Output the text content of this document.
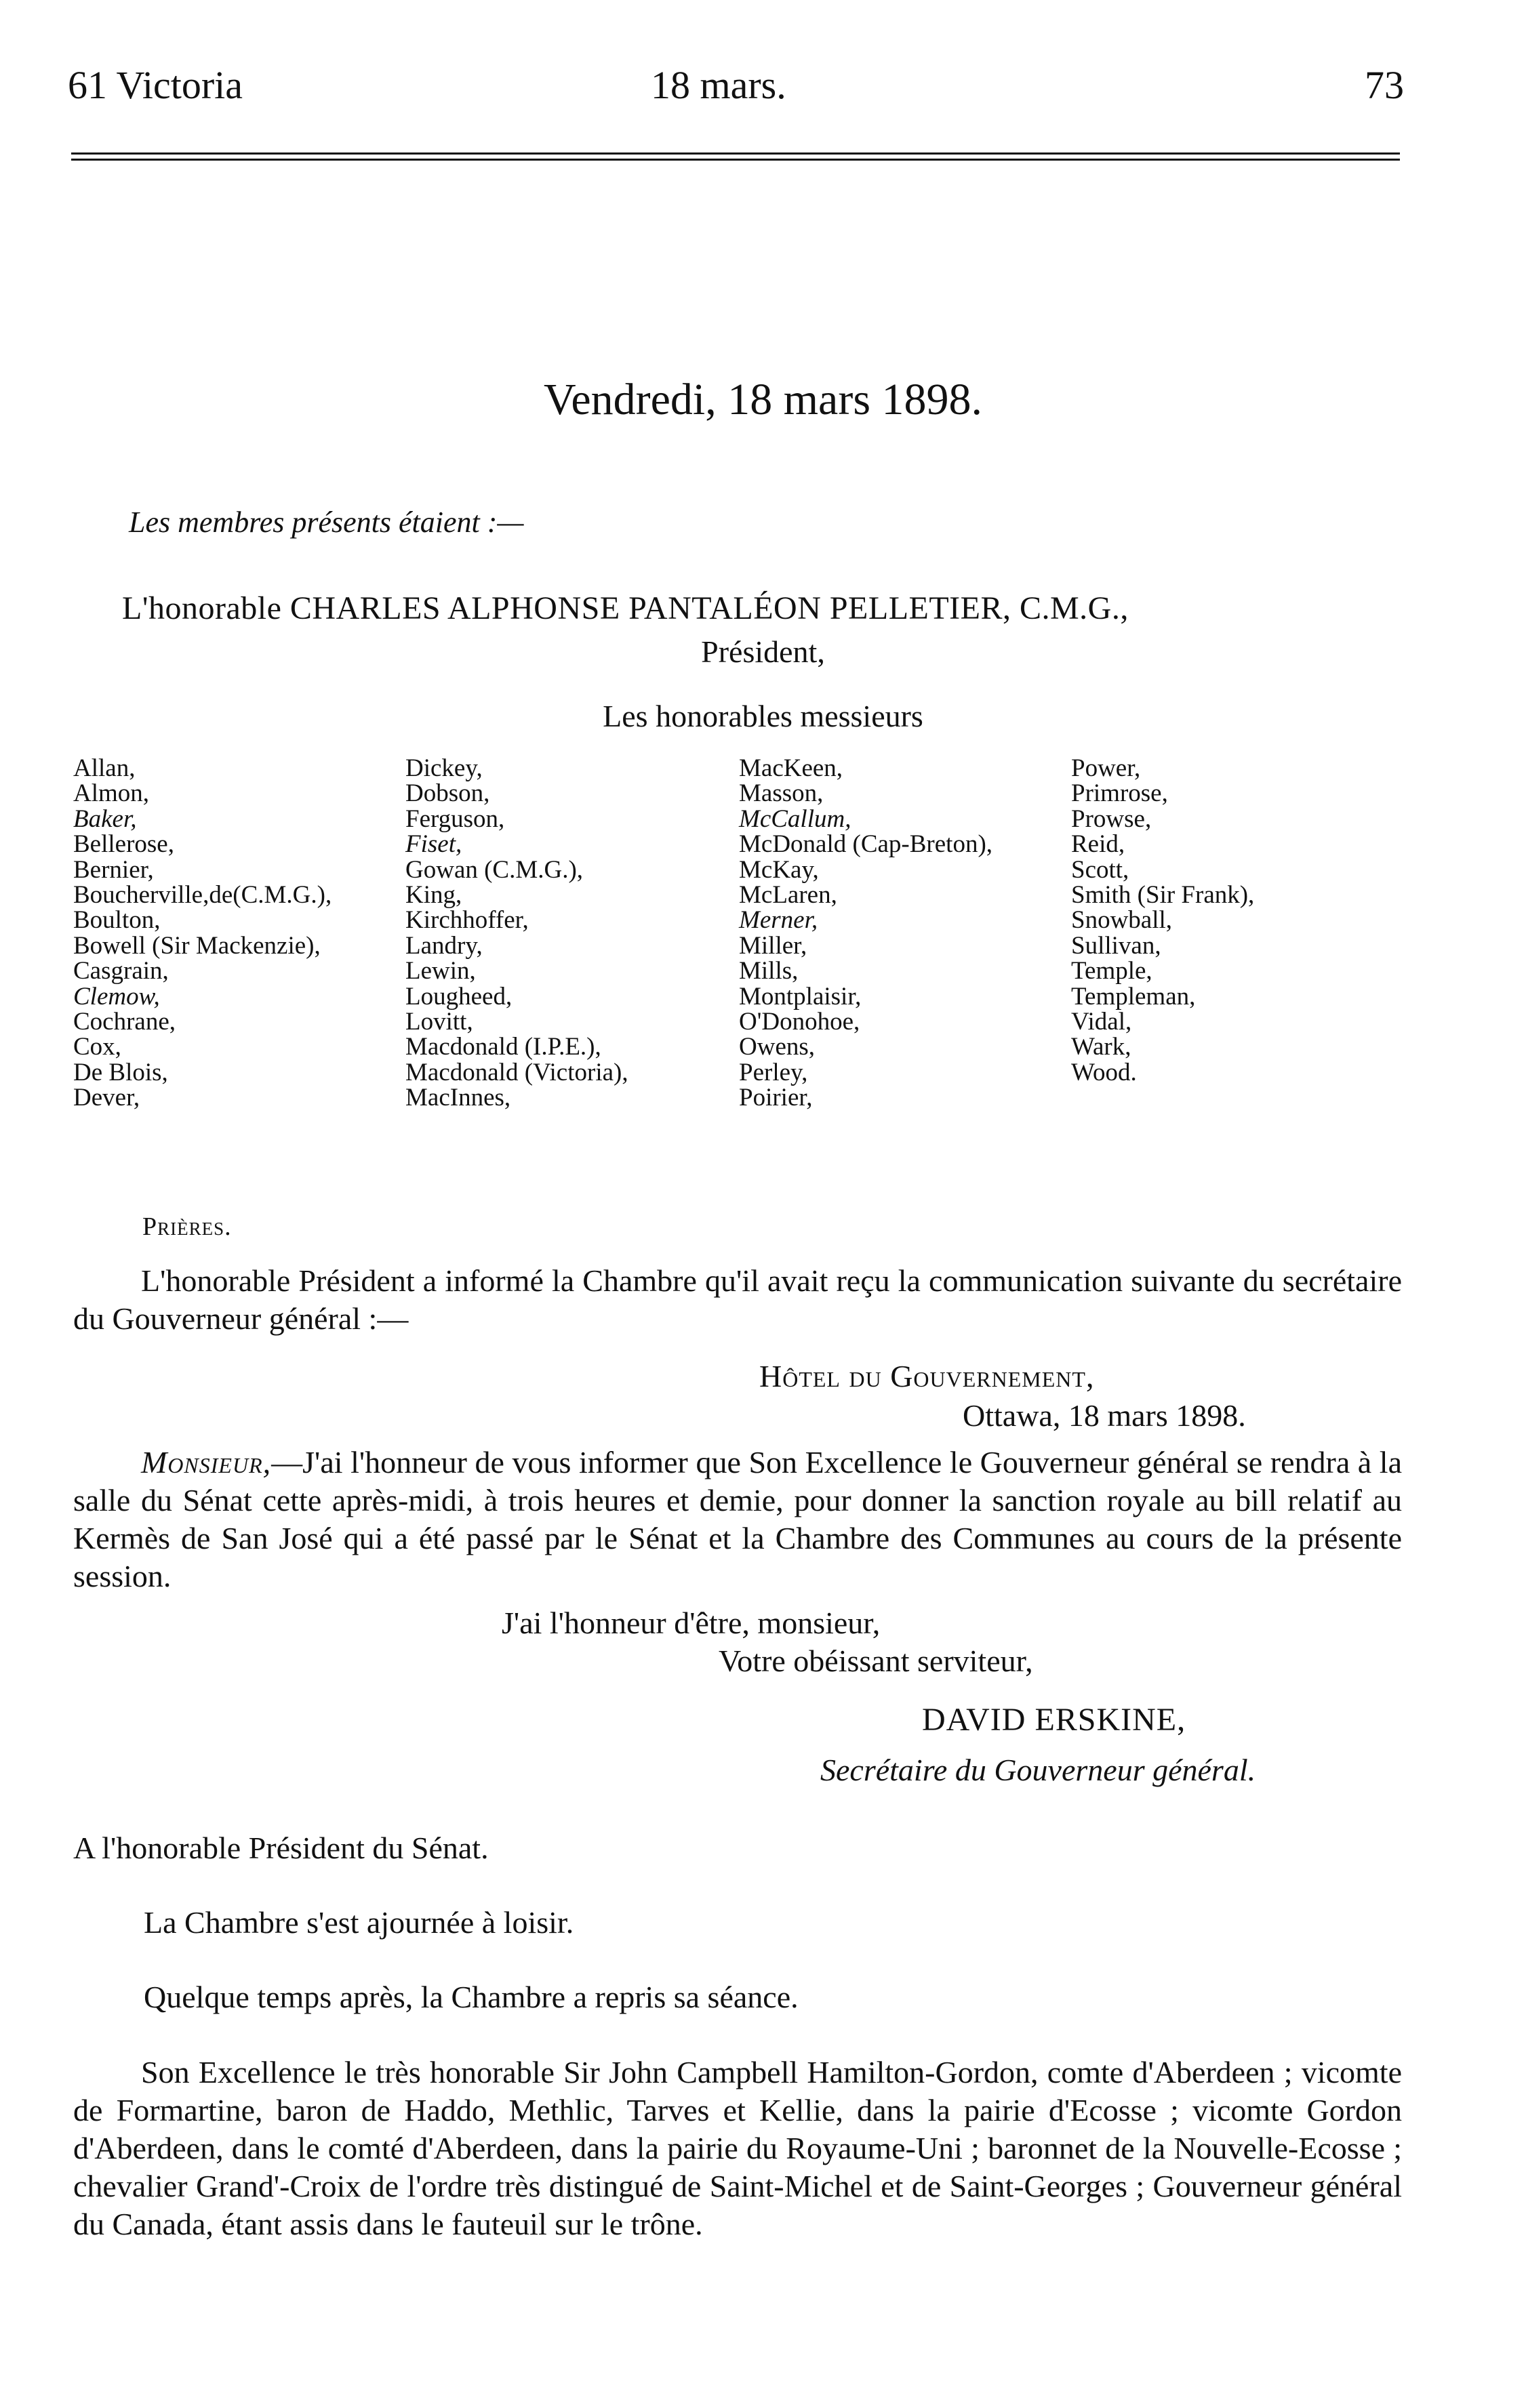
61 Victoria	18 mars.	73
Vendredi, 18 mars 1898.
Les membres présents étaient :—
L'honorable CHARLES ALPHONSE PANTALÉON PELLETIER, C.M.G.,
Président,
Les honorables messieurs
Allan,
Almon,
Baker,
Bellerose,
Bernier,
Boucherville,de(C.M.G.),
Boulton,
Bowell (Sir Mackenzie),
Casgrain,
Clemow,
Cochrane,
Cox,
De Blois,
Dever,
Dickey,
Dobson,
Ferguson,
Fiset,
Gowan (C.M.G.),
King,
Kirchhoffer,
Landry,
Lewin,
Lougheed,
Lovitt,
Macdonald (I.P.E.),
Macdonald (Victoria),
MacInnes,
MacKeen,
Masson,
McCallum,
McDonald (Cap-Breton),
McKay,
McLaren,
Merner,
Miller,
Mills,
Montplaisir,
O'Donohoe,
Owens,
Perley,
Poirier,
Power,
Primrose,
Prowse,
Reid,
Scott,
Smith (Sir Frank),
Snowball,
Sullivan,
Temple,
Templeman,
Vidal,
Wark,
Wood.
Prières.
L'honorable Président a informé la Chambre qu'il avait reçu la communication suivante du secrétaire du Gouverneur général :—
Hôtel du Gouvernement,
Ottawa, 18 mars 1898.
Monsieur,—J'ai l'honneur de vous informer que Son Excellence le Gouverneur général se rendra à la salle du Sénat cette après-midi, à trois heures et demie, pour donner la sanction royale au bill relatif au Kermès de San José qui a été passé par le Sénat et la Chambre des Communes au cours de la présente session.
J'ai l'honneur d'être, monsieur,
Votre obéissant serviteur,
DAVID ERSKINE,
Secrétaire du Gouverneur général.
A l'honorable Président du Sénat.
La Chambre s'est ajournée à loisir.
Quelque temps après, la Chambre a repris sa séance.
Son Excellence le très honorable Sir John Campbell Hamilton-Gordon, comte d'Aberdeen ; vicomte de Formartine, baron de Haddo, Methlic, Tarves et Kellie, dans la pairie d'Ecosse ; vicomte Gordon d'Aberdeen, dans le comté d'Aberdeen, dans la pairie du Royaume-Uni ; baronnet de la Nouvelle-Ecosse ; chevalier Grand'-Croix de l'ordre très distingué de Saint-Michel et de Saint-Georges ; Gouverneur général du Canada, étant assis dans le fauteuil sur le trône.
